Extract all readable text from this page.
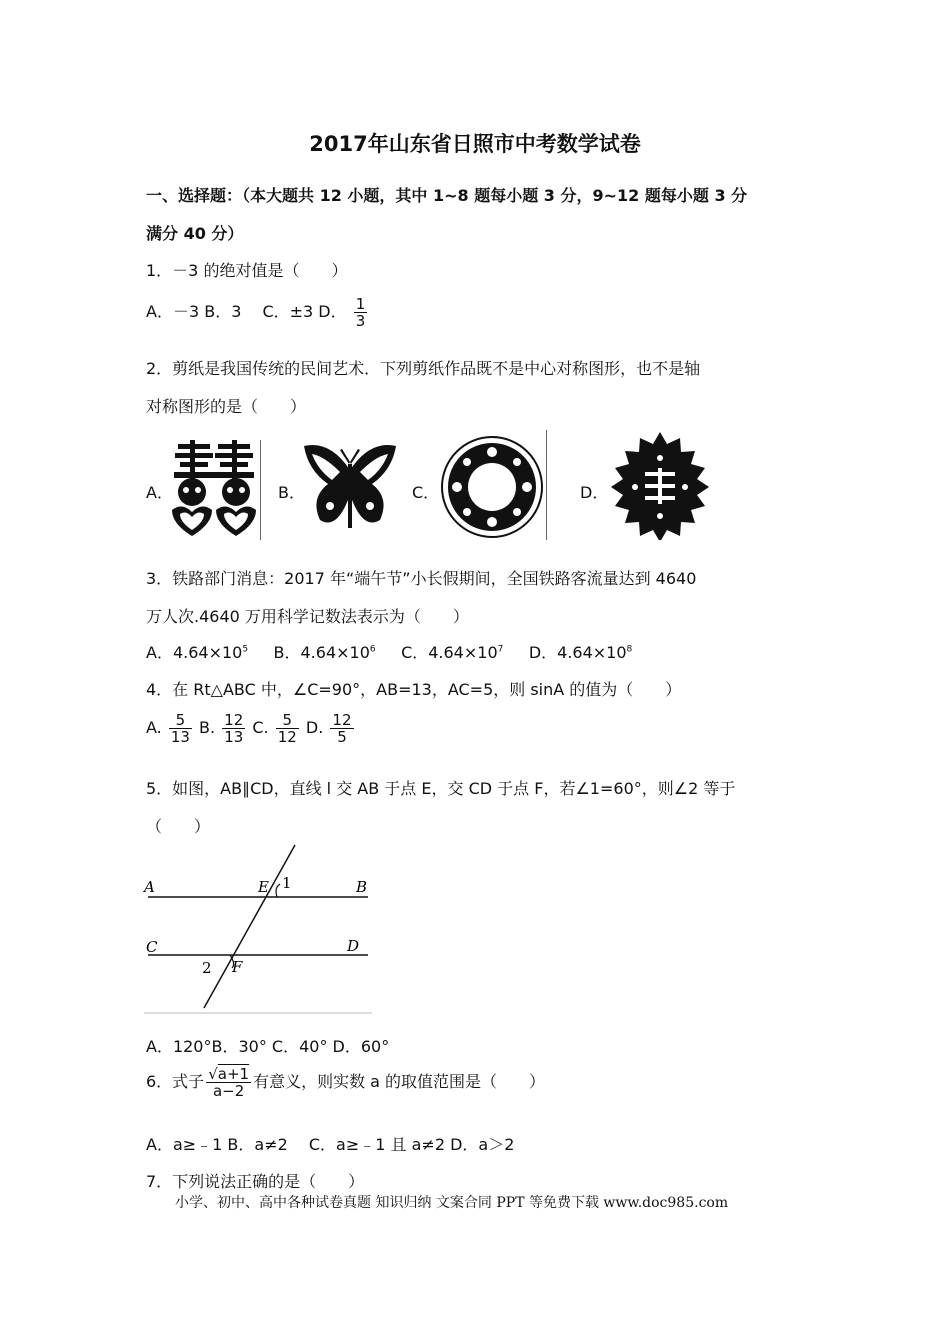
2017年山东省日照市中考数学试卷
一、选择题：（本大题共 12 小题，其中 1~8 题每小题 3 分，9~12 题每小题 3 分
满分 40 分）
1．－3 的绝对值是（　　）
A．－3 B．3　 C．±3 D． $\frac{1}{3}$
2．剪纸是我国传统的民间艺术．下列剪纸作品既不是中心对称图形，也不是轴
对称图形的是（　　）
A．	B．	C．	D．
3．铁路部门消息：2017 年“端午节”小长假期间，全国铁路客流量达到 4640
万人次.4640 万用科学记数法表示为（　　）
A．$4.64\times 10^5$ B．$4.64\times 10^6$ C．$4.64\times 10^7$ D．$4.64\times 10^8$
4．在 Rt△ABC 中，∠C=90°，AB=13，AC=5，则 sinA 的值为（　　）
A. $\frac{5}{13} B$. $\frac{12}{13} C$. $\frac{5}{12} D$. $\frac{12}{5}$
5．如图，AB∥CD，直线 l 交 AB 于点 E，交 CD 于点 F，若∠1=60°，则∠2 等于
（　　）
A	B
E 1
C	D
F
2
A．120°B．30° C．40° D．60°
6．式子 $\frac{√a+1}{a-2}$ 有意义，则实数 a 的取值范围是（　　）
A．a≥﹣1 B．a≠2　 C．a≥﹣1 且 a≠2 D．a＞2
7．下列说法正确的是（　　）
小学、初中、高中各种试卷真题 知识归纳 文案合同 PPT 等免费下载 www.doc985.com
